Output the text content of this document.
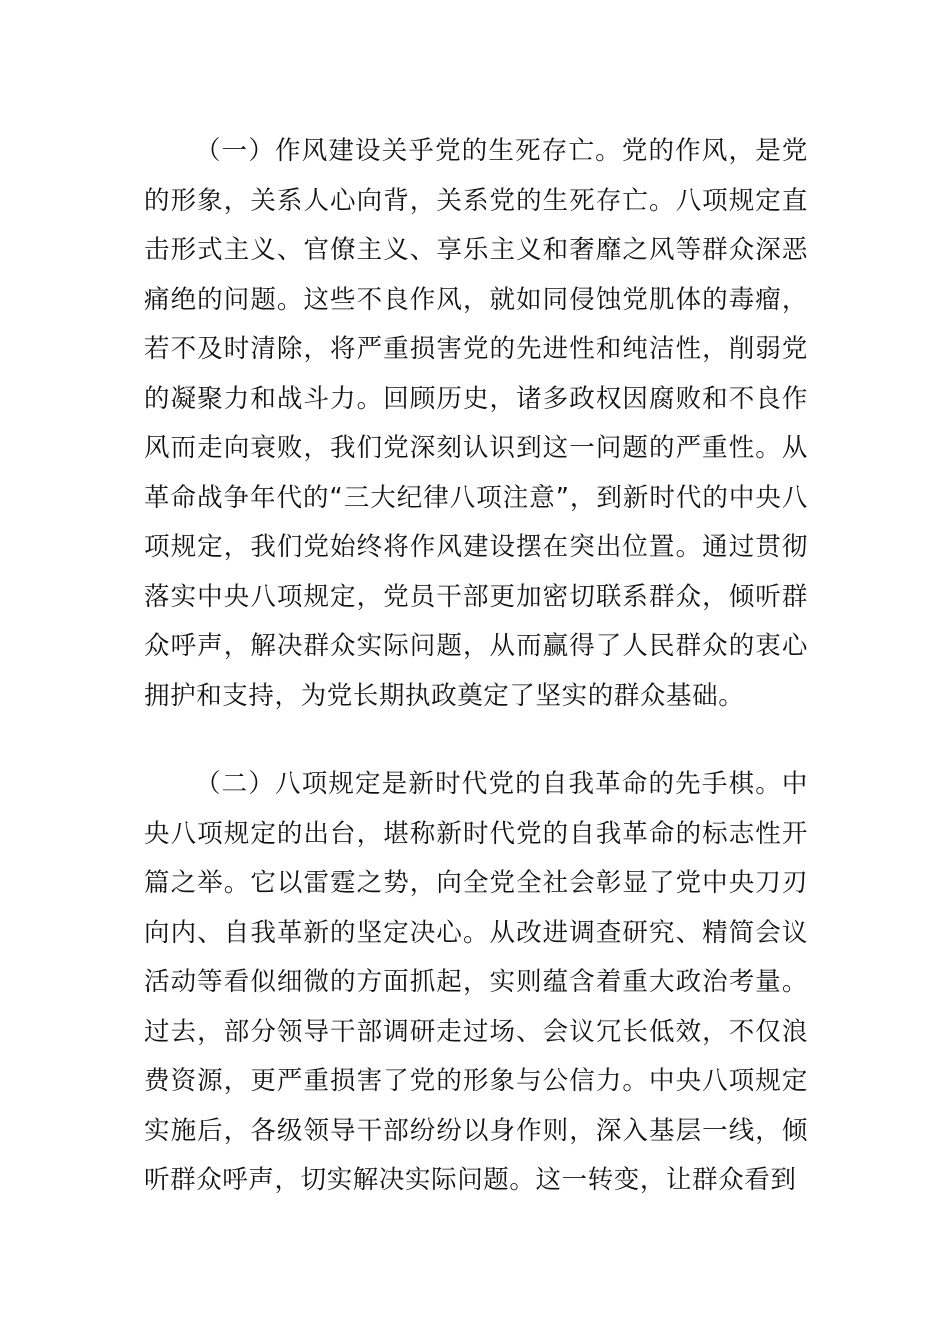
（一）作风建设关乎党的生死存亡。党的作风，是党的形象，关系人心向背，关系党的生死存亡。八项规定直击形式主义、官僚主义、享乐主义和奢靡之风等群众深恶痛绝的问题。这些不良作风，就如同侵蚀党肌体的毒瘤，若不及时清除，将严重损害党的先进性和纯洁性，削弱党的凝聚力和战斗力。回顾历史，诸多政权因腐败和不良作风而走向衰败，我们党深刻认识到这一问题的严重性。从革命战争年代的“三大纪律八项注意”，到新时代的中央八项规定，我们党始终将作风建设摆在突出位置。通过贯彻落实中央八项规定，党员干部更加密切联系群众，倾听群众呼声，解决群众实际问题，从而赢得了人民群众的衷心拥护和支持，为党长期执政奠定了坚实的群众基础。

（二）八项规定是新时代党的自我革命的先手棋。中央八项规定的出台，堪称新时代党的自我革命的标志性开篇之举。它以雷霆之势，向全党全社会彰显了党中央刀刃向内、自我革新的坚定决心。从改进调查研究、精简会议活动等看似细微的方面抓起，实则蕴含着重大政治考量。过去，部分领导干部调研走过场、会议冗长低效，不仅浪费资源，更严重损害了党的形象与公信力。中央八项规定实施后，各级领导干部纷纷以身作则，深入基层一线，倾听群众呼声，切实解决实际问题。这一转变，让群众看到
